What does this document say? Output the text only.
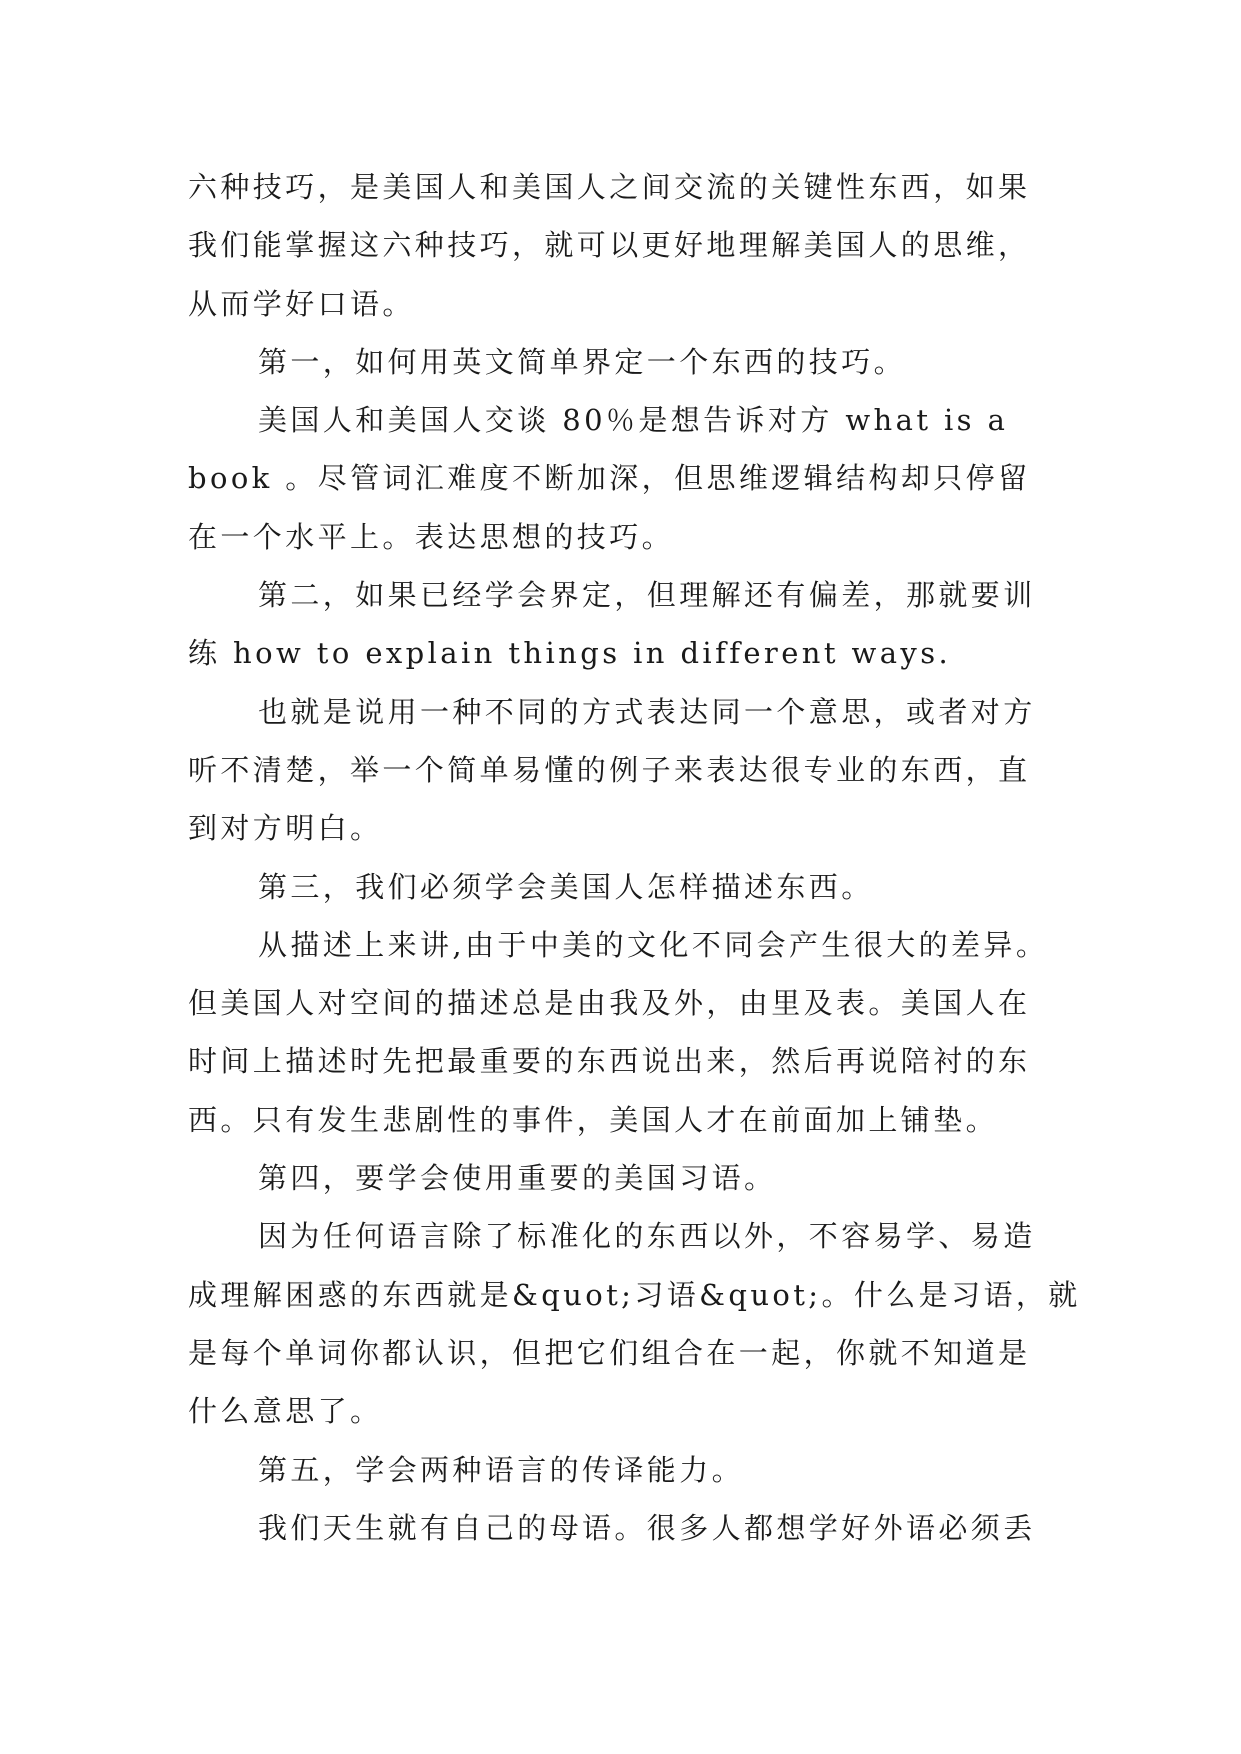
六种技巧，是美国人和美国人之间交流的关键性东西，如果
我们能掌握这六种技巧，就可以更好地理解美国人的思维，
从而学好口语。
第一，如何用英文简单界定一个东西的技巧。
美国人和美国人交谈 80％是想告诉对方 what is a
book 。尽管词汇难度不断加深，但思维逻辑结构却只停留
在一个水平上。表达思想的技巧。
第二，如果已经学会界定，但理解还有偏差，那就要训
练 how to explain things in different ways.
也就是说用一种不同的方式表达同一个意思，或者对方
听不清楚，举一个简单易懂的例子来表达很专业的东西，直
到对方明白。
第三，我们必须学会美国人怎样描述东西。
从描述上来讲,由于中美的文化不同会产生很大的差异。
但美国人对空间的描述总是由我及外，由里及表。美国人在
时间上描述时先把最重要的东西说出来，然后再说陪衬的东
西。只有发生悲剧性的事件，美国人才在前面加上铺垫。
第四，要学会使用重要的美国习语。
因为任何语言除了标准化的东西以外，不容易学、易造
成理解困惑的东西就是&quot;习语&quot;。什么是习语，就
是每个单词你都认识，但把它们组合在一起，你就不知道是
什么意思了。
第五，学会两种语言的传译能力。
我们天生就有自己的母语。很多人都想学好外语必须丢
